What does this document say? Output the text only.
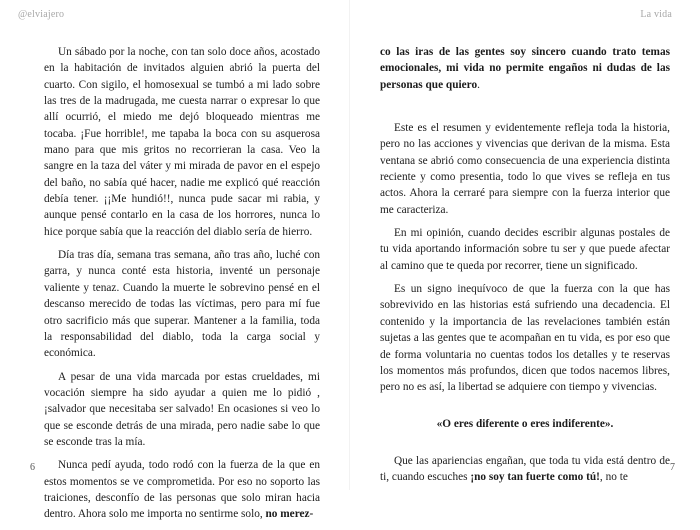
@elviajero

Un sábado por la noche, con tan solo doce años, acostado en la habitación de invitados alguien abrió la puerta del cuarto. Con sigilo, el homosexual se tumbó a mi lado sobre las tres de la madrugada, me cuesta narrar o expresar lo que allí ocurrió, el miedo me dejó bloqueado mientras me tocaba. ¡Fue horrible!, me tapaba la boca con su asquerosa mano para que mis gritos no recorrieran la casa. Veo la sangre en la taza del váter y mi mirada de pavor en el espejo del baño, no sabía qué hacer, nadie me explicó qué reacción debía tener. ¡¡Me hundió!!, nunca pude sacar mi rabia, y aunque pensé contarlo en la casa de los horrores, nunca lo hice porque sabía que la reacción del diablo sería de hierro.

Día tras día, semana tras semana, año tras año, luché con garra, y nunca conté esta historia, inventé un personaje valiente y tenaz. Cuando la muerte le sobrevino pensé en el descanso merecido de todas las víctimas, pero para mí fue otro sacrificio más que superar. Mantener a la familia, toda la responsabilidad del diablo, toda la carga social y económica.

A pesar de una vida marcada por estas crueldades, mi vocación siempre ha sido ayudar a quien me lo pidió , ¡salvador que necesitaba ser salvado! En ocasiones si veo lo que se esconde detrás de una mirada, pero nadie sabe lo que se esconde tras la mía.

Nunca pedí ayuda, todo rodó con la fuerza de la que en estos momentos se ve comprometida. Por eso no soporto las traiciones, desconfío de las personas que solo miran hacia dentro. Ahora solo me importa no sentirme solo, no merez-

6
La vida

co las iras de las gentes soy sincero cuando trato temas emocionales, mi vida no permite engaños ni dudas de las personas que quiero.

Este es el resumen y evidentemente refleja toda la historia, pero no las acciones y vivencias que derivan de la misma. Esta ventana se abrió como consecuencia de una experiencia distinta reciente y como presentia, todo lo que vives se refleja en tus actos. Ahora la cerraré para siempre con la fuerza interior que me caracteriza.

En mi opinión, cuando decides escribir algunas postales de tu vida aportando información sobre tu ser y que puede afectar al camino que te queda por recorrer, tiene un significado.

Es un signo inequívoco de que la fuerza con la que has sobrevivido en las historias está sufriendo una decadencia. El contenido y la importancia de las revelaciones también están sujetas a las gentes que te acompañan en tu vida, es por eso que de forma voluntaria no cuentas todos los detalles y te reservas los momentos más profundos, dicen que todos nacemos libres, pero no es así, la libertad se adquiere con tiempo y vivencias.

«O eres diferente o eres indiferente».

Que las apariencias engañan, que toda tu vida está dentro de ti, cuando escuches ¡no soy tan fuerte como tú!, no te

7
